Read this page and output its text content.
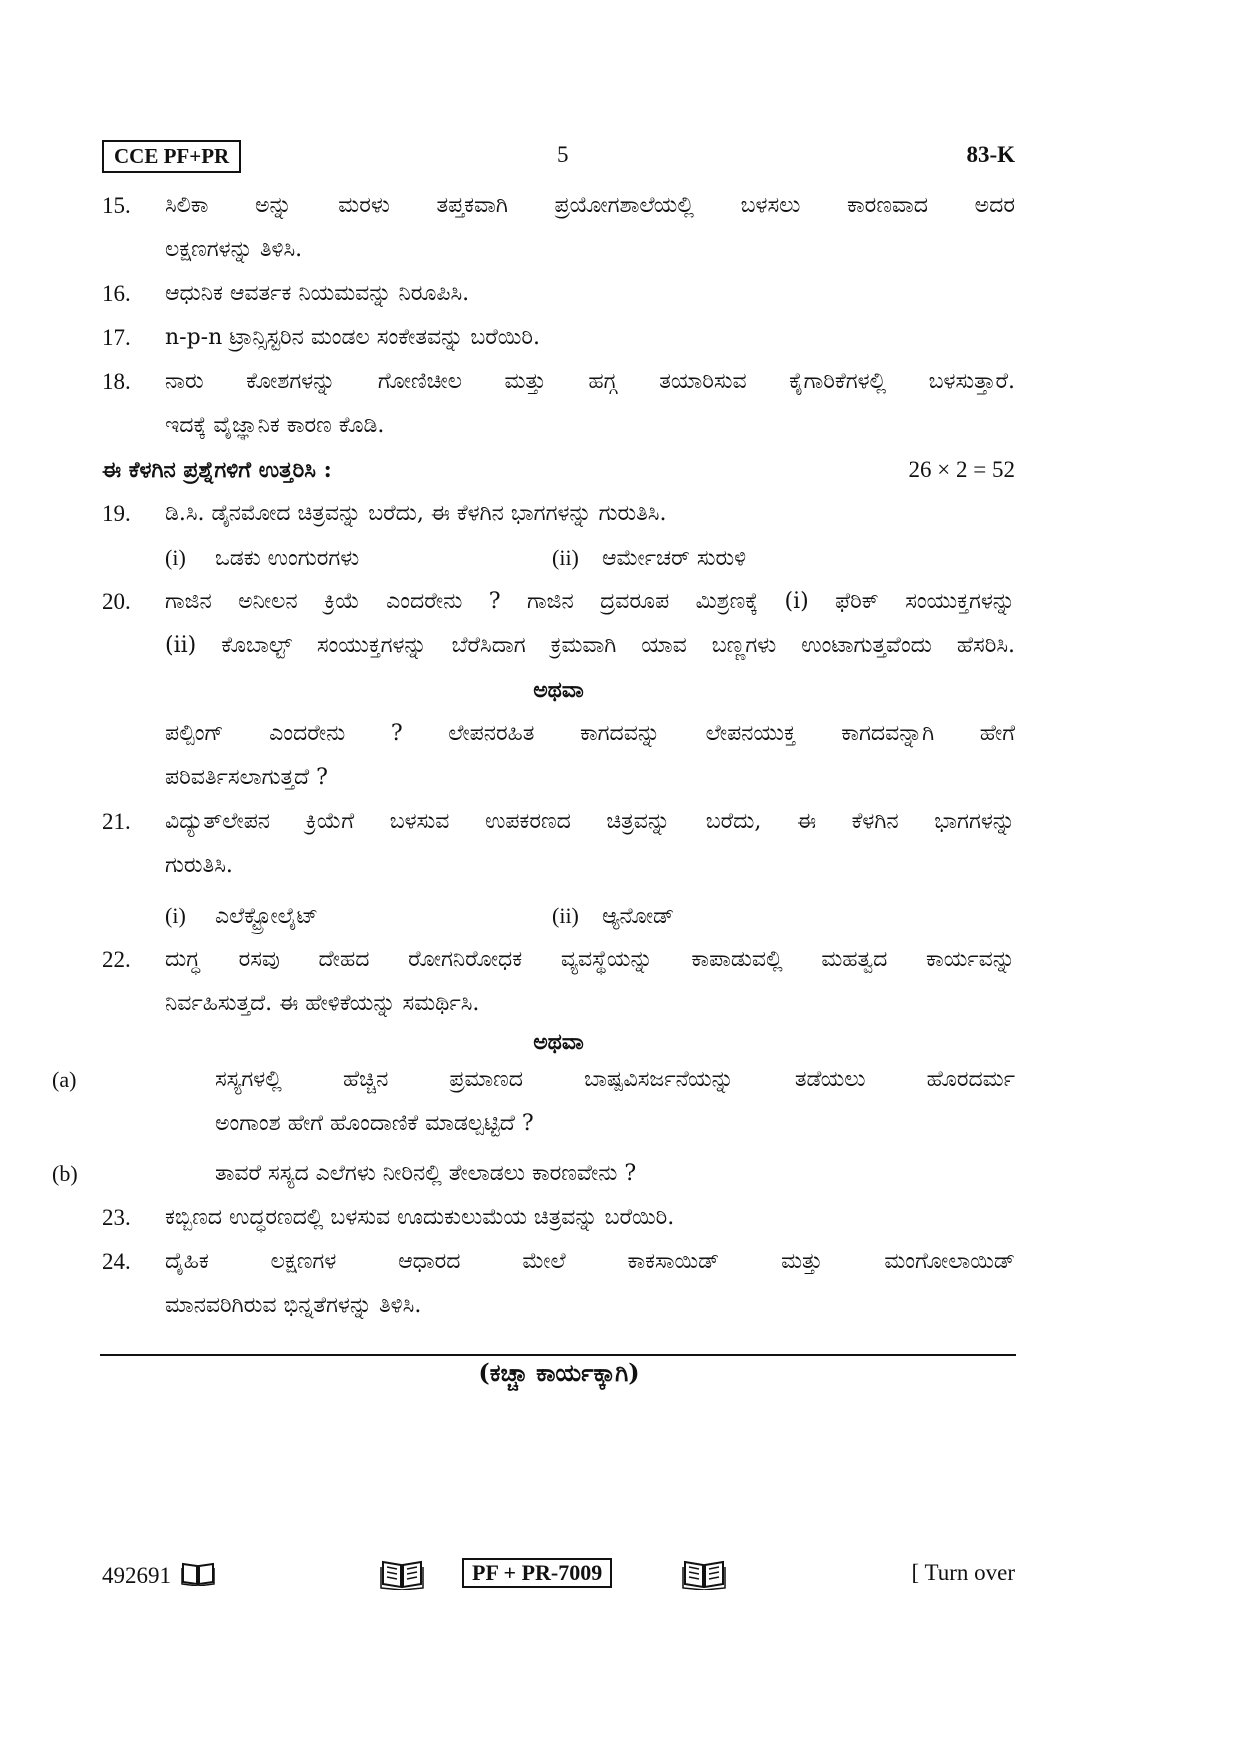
CCE PF+PR	5	83-K
15. ಸಿಲಿಕಾ ಅನ್ನು ಮರಳು ತಪ್ತಕವಾಗಿ ಪ್ರಯೋಗಶಾಲೆಯಲ್ಲಿ ಬಳಸಲು ಕಾರಣವಾದ ಅದರ
ಲಕ್ಷಣಗಳನ್ನು ತಿಳಿಸಿ.
16. ಆಧುನಿಕ ಆವರ್ತಕ ನಿಯಮವನ್ನು ನಿರೂಪಿಸಿ.
17. n-p-n ಟ್ರಾನ್ಸಿಸ್ಟರಿನ ಮಂಡಲ ಸಂಕೇತವನ್ನು ಬರೆಯಿರಿ.
18. ನಾರು ಕೋಶಗಳನ್ನು ಗೋಣಿಚೀಲ ಮತ್ತು ಹಗ್ಗ ತಯಾರಿಸುವ ಕೈಗಾರಿಕೆಗಳಲ್ಲಿ ಬಳಸುತ್ತಾರೆ.
ಇದಕ್ಕೆ ವೈಜ್ಞಾನಿಕ ಕಾರಣ ಕೊಡಿ.
ಈ ಕೆಳಗಿನ ಪ್ರಶ್ನೆಗಳಿಗೆ ಉತ್ತರಿಸಿ :	26 × 2 = 52
19. ಡಿ.ಸಿ. ಡೈನಮೋದ ಚಿತ್ರವನ್ನು ಬರೆದು, ಈ ಕೆಳಗಿನ ಭಾಗಗಳನ್ನು ಗುರುತಿಸಿ.
(i) ಒಡಕು ಉಂಗುರಗಳು	(ii) ಆರ್ಮೇಚರ್ ಸುರುಳಿ
20. ಗಾಜಿನ ಅನೀಲನ ಕ್ರಿಯೆ ಎಂದರೇನು ? ಗಾಜಿನ ದ್ರವರೂಪ ಮಿಶ್ರಣಕ್ಕೆ (i) ಫೆರಿಕ್ ಸಂಯುಕ್ತಗಳನ್ನು
(ii) ಕೊಬಾಲ್ಟ್ ಸಂಯುಕ್ತಗಳನ್ನು ಬೆರೆಸಿದಾಗ ಕ್ರಮವಾಗಿ ಯಾವ ಬಣ್ಣಗಳು ಉಂಟಾಗುತ್ತವೆಂದು ಹೆಸರಿಸಿ.
ಅಥವಾ
ಪಲ್ಪಿಂಗ್ ಎಂದರೇನು ? ಲೇಪನರಹಿತ ಕಾಗದವನ್ನು ಲೇಪನಯುಕ್ತ ಕಾಗದವನ್ನಾಗಿ ಹೇಗೆ
ಪರಿವರ್ತಿಸಲಾಗುತ್ತದೆ ?
21. ವಿದ್ಯುತ್‌ಲೇಪನ ಕ್ರಿಯೆಗೆ ಬಳಸುವ ಉಪಕರಣದ ಚಿತ್ರವನ್ನು ಬರೆದು, ಈ ಕೆಳಗಿನ ಭಾಗಗಳನ್ನು
ಗುರುತಿಸಿ.
(i) ಎಲೆಕ್ಟ್ರೋಲೈಟ್	(ii) ಆ್ಯನೋಡ್
22. ದುಗ್ಧ ರಸವು ದೇಹದ ರೋಗನಿರೋಧಕ ವ್ಯವಸ್ಥೆಯನ್ನು ಕಾಪಾಡುವಲ್ಲಿ ಮಹತ್ವದ ಕಾರ್ಯವನ್ನು
ನಿರ್ವಹಿಸುತ್ತದೆ. ಈ ಹೇಳಿಕೆಯನ್ನು ಸಮರ್ಥಿಸಿ.
ಅಥವಾ
(a)	ಸಸ್ಯಗಳಲ್ಲಿ ಹೆಚ್ಚಿನ ಪ್ರಮಾಣದ ಬಾಷ್ಪವಿಸರ್ಜನೆಯನ್ನು ತಡೆಯಲು ಹೊರದರ್ಮ
ಅಂಗಾಂಶ ಹೇಗೆ ಹೊಂದಾಣಿಕೆ ಮಾಡಲ್ಪಟ್ಟಿದೆ ?
(b)	ತಾವರೆ ಸಸ್ಯದ ಎಲೆಗಳು ನೀರಿನಲ್ಲಿ ತೇಲಾಡಲು ಕಾರಣವೇನು ?
23. ಕಬ್ಬಿಣದ ಉದ್ಧರಣದಲ್ಲಿ ಬಳಸುವ ಊದುಕುಲುಮೆಯ ಚಿತ್ರವನ್ನು ಬರೆಯಿರಿ.
24. ದೈಹಿಕ ಲಕ್ಷಣಗಳ ಆಧಾರದ ಮೇಲೆ ಕಾಕಸಾಯಿಡ್ ಮತ್ತು ಮಂಗೋಲಾಯಿಡ್
ಮಾನವರಿಗಿರುವ ಭಿನ್ನತೆಗಳನ್ನು ತಿಳಿಸಿ.
(ಕಚ್ಚಾ ಕಾರ್ಯಕ್ಕಾಗಿ)
492691	PF + PR-7009	[ Turn over
